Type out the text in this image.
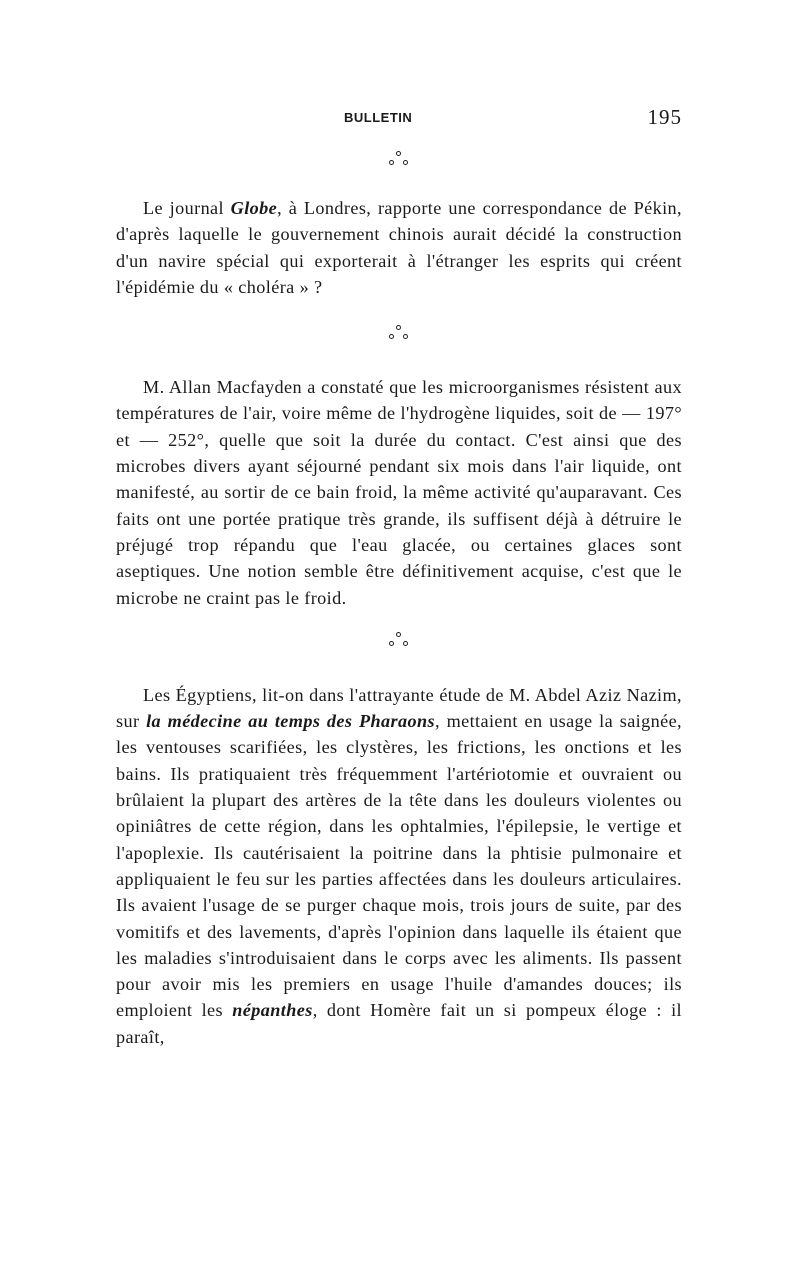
BULLETIN	195

Le journal Globe, à Londres, rapporte une correspondance de Pékin, d'après laquelle le gouvernement chinois aurait décidé la construction d'un navire spécial qui exporterait à l'étranger les esprits qui créent l'épidémie du « choléra » ?

M. Allan Macfayden a constaté que les microorganismes résistent aux températures de l'air, voire même de l'hydrogène liquides, soit de — 197° et — 252°, quelle que soit la durée du contact. C'est ainsi que des microbes divers ayant séjourné pendant six mois dans l'air liquide, ont manifesté, au sortir de ce bain froid, la même activité qu'auparavant. Ces faits ont une portée pratique très grande, ils suffisent déjà à détruire le préjugé trop répandu que l'eau glacée, ou certaines glaces sont aseptiques. Une notion semble être définitivement acquise, c'est que le microbe ne craint pas le froid.

Les Égyptiens, lit-on dans l'attrayante étude de M. Abdel Aziz Nazim, sur la médecine au temps des Pharaons, mettaient en usage la saignée, les ventouses scarifiées, les clystères, les frictions, les onctions et les bains. Ils pratiquaient très fréquemment l'artériotomie et ouvraient ou brûlaient la plupart des artères de la tête dans les douleurs violentes ou opiniâtres de cette région, dans les ophtalmies, l'épilepsie, le vertige et l'apoplexie. Ils cautérisaient la poitrine dans la phtisie pulmonaire et appliquaient le feu sur les parties affectées dans les douleurs articulaires. Ils avaient l'usage de se purger chaque mois, trois jours de suite, par des vomitifs et des lavements, d'après l'opinion dans laquelle ils étaient que les maladies s'introduisaient dans le corps avec les aliments. Ils passent pour avoir mis les premiers en usage l'huile d'amandes douces; ils emploient les népanthes, dont Homère fait un si pompeux éloge : il paraît,
